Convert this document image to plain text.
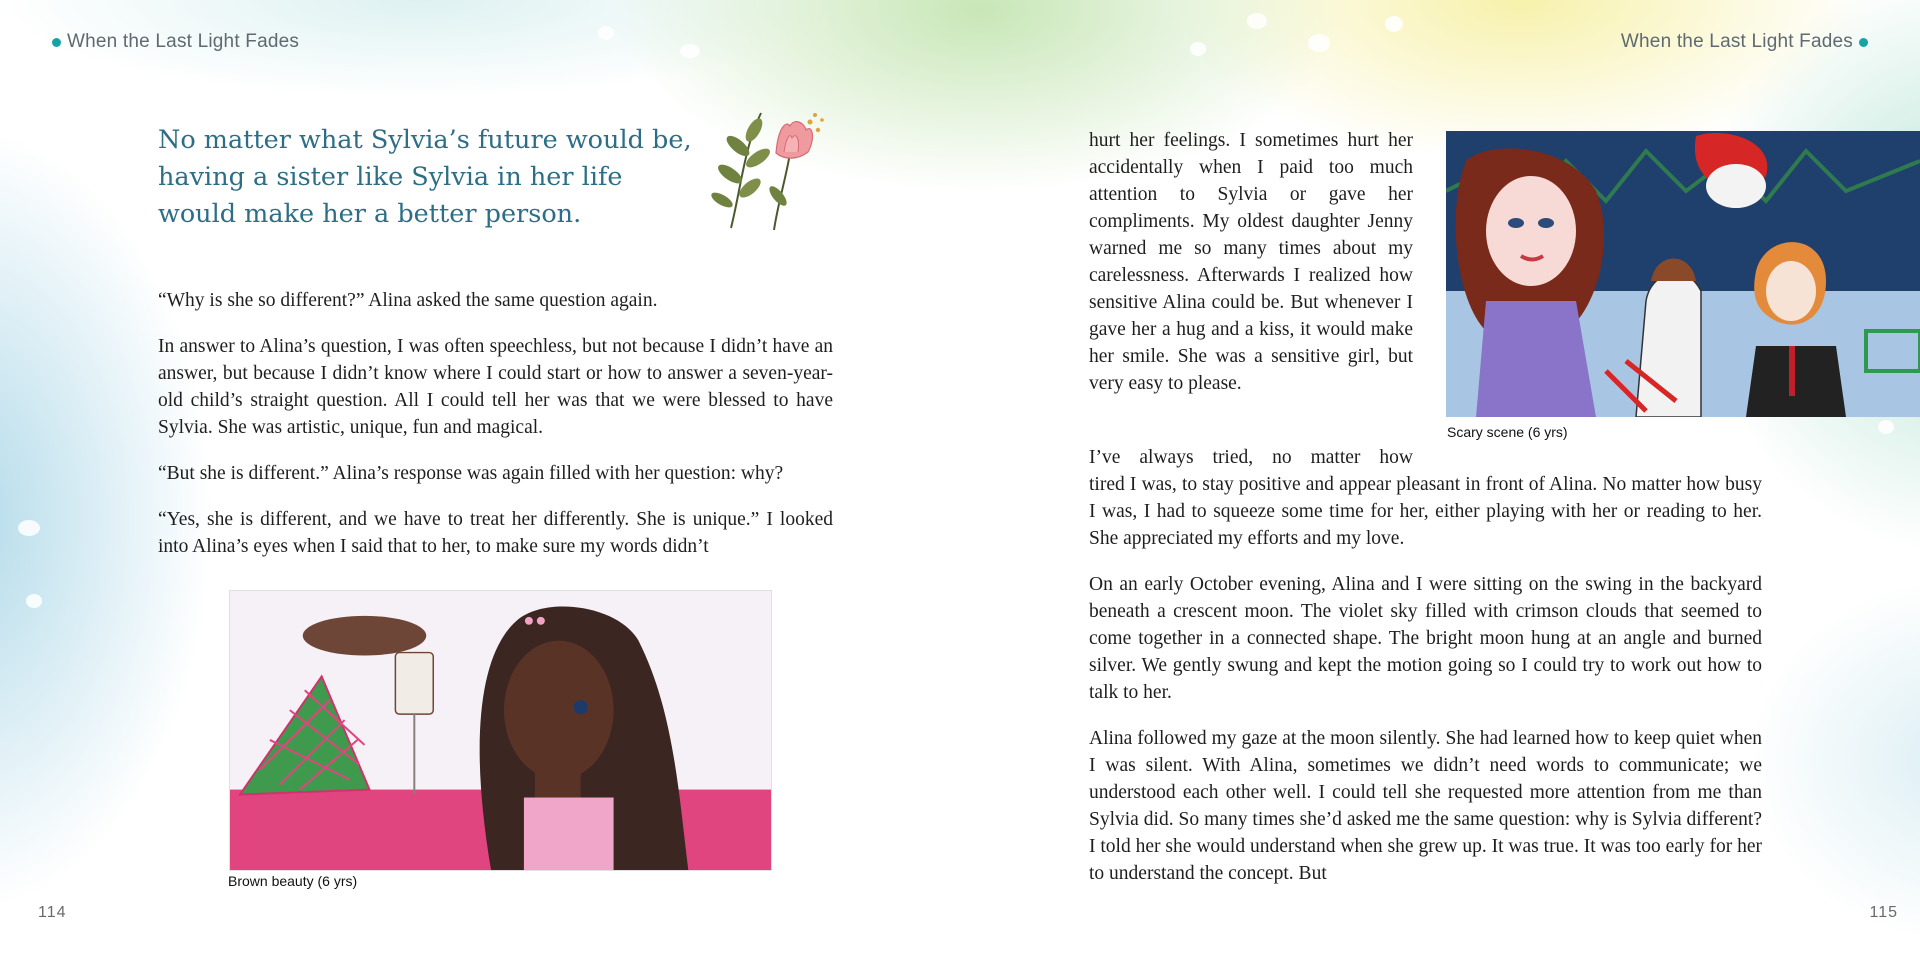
When the Last Light Fades	When the Last Light Fades
No matter what Sylvia’s future would be, having a sister like Sylvia in her life would make her a better person.
“Why is she so different?” Alina asked the same question again.
In answer to Alina’s question, I was often speechless, but not because I didn’t have an answer, but because I didn’t know where I could start or how to answer a seven-year-old child’s straight question. All I could tell her was that we were blessed to have Sylvia. She was artistic, unique, fun and magical.
“But she is different.” Alina’s response was again filled with her question: why?
“Yes, she is different, and we have to treat her differently. She is unique.” I looked into Alina’s eyes when I said that to her, to make sure my words didn’t
Brown beauty (6 yrs)
hurt her feelings. I sometimes hurt her accidentally when I paid too much attention to Sylvia or gave her compliments. My oldest daughter Jenny warned me so many times about my carelessness. Afterwards I realized how sensitive Alina could be. But whenever I gave her a hug and a kiss, it would make her smile. She was a sensitive girl, but very easy to please.
Scary scene (6 yrs)
I’ve always tried, no matter how
tired I was, to stay positive and appear pleasant in front of Alina. No matter how busy I was, I had to squeeze some time for her, either playing with her or reading to her. She appreciated my efforts and my love.
On an early October evening, Alina and I were sitting on the swing in the backyard beneath a crescent moon. The violet sky filled with crimson clouds that seemed to come together in a connected shape. The bright moon hung at an angle and burned silver. We gently swung and kept the motion going so I could try to work out how to talk to her.
Alina followed my gaze at the moon silently. She had learned how to keep quiet when I was silent. With Alina, sometimes we didn’t need words to communicate; we understood each other well. I could tell she requested more attention from me than Sylvia did. So many times she’d asked me the same question: why is Sylvia different? I told her she would understand when she grew up. It was true. It was too early for her to understand the concept. But
114	115
